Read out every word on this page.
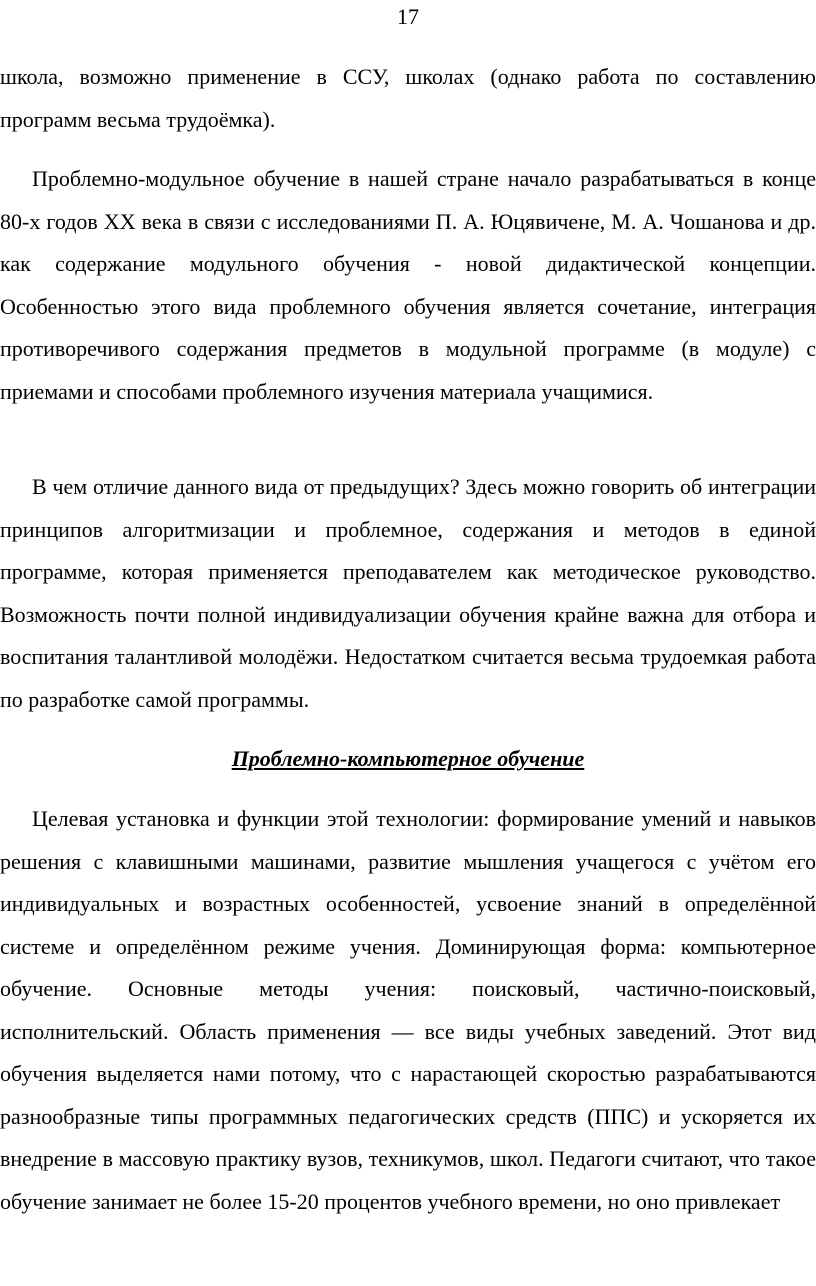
17

школа, возможно применение в ССУ, школах (однако работа по составлению программ весьма трудоёмка).

Проблемно-модульное обучение в нашей стране начало разрабатываться в конце 80-х годов XX века в связи с исследованиями П. А. Юцявичене, М. А. Чошанова и др. как содержание модульного обучения - новой дидактической концепции. Особенностью этого вида проблемного обучения является сочетание, интеграция противоречивого содержания предметов в модульной программе (в модуле) с приемами и способами проблемного изучения материала учащимися.

В чем отличие данного вида от предыдущих? Здесь можно говорить об интеграции принципов алгоритмизации и проблемное, содержания и методов в единой программе, которая применяется преподавателем как методическое руководство. Возможность почти полной индивидуализации обучения крайне важна для отбора и воспитания талантливой молодёжи. Недостатком считается весьма трудоемкая работа по разработке самой программы.

Проблемно-компьютерное обучение

Целевая установка и функции этой технологии: формирование умений и навыков решения с клавишными машинами, развитие мышления учащегося с учётом его индивидуальных и возрастных особенностей, усвоение знаний в определённой системе и определённом режиме учения. Доминирующая форма: компьютерное обучение. Основные методы учения: поисковый, частично-поисковый, исполнительский. Область применения — все виды учебных заведений. Этот вид обучения выделяется нами потому, что с нарастающей скоростью разрабатываются разнообразные типы программных педагогических средств (ППС) и ускоряется их внедрение в массовую практику вузов, техникумов, школ. Педагоги считают, что такое обучение занимает не более 15-20 процентов учебного времени, но оно привлекает
